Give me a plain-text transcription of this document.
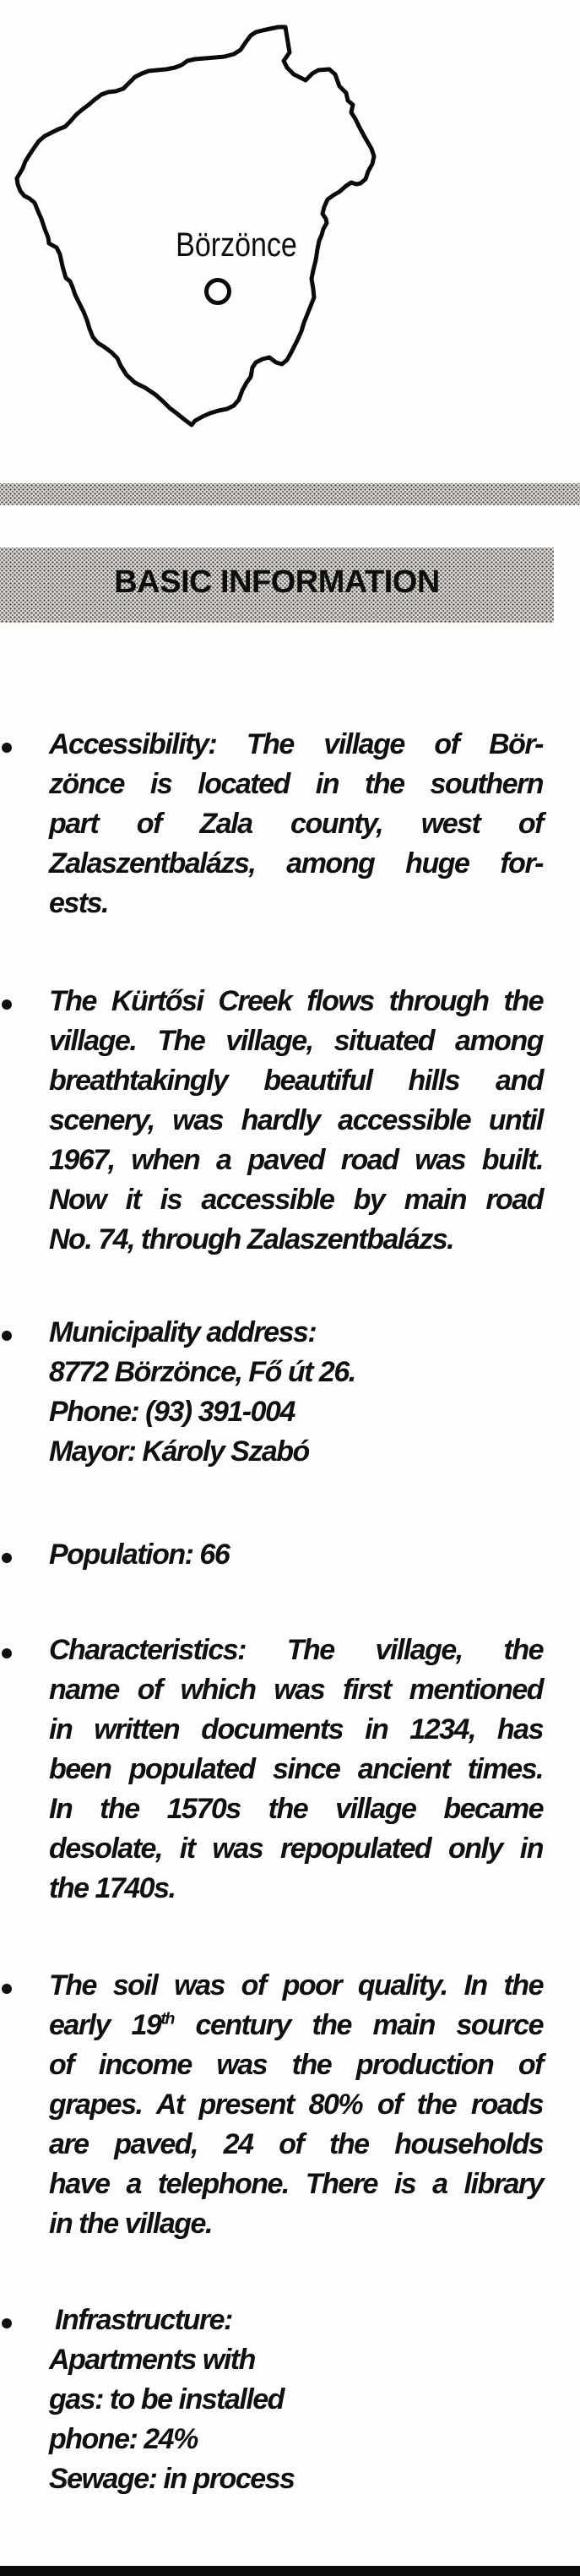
Börzönce
BASIC INFORMATION
Accessibility: The village of Bör-
zönce is located in the southern
part of Zala county, west of
Zalaszentbalázs, among huge for-
ests.
The Kürtősi Creek flows through the
village. The village, situated among
breathtakingly beautiful hills and
scenery, was hardly accessible until
1967, when a paved road was built.
Now it is accessible by main road
No. 74, through Zalaszentbalázs.
Municipality address:
8772 Börzönce, Fő út 26.
Phone: (93) 391-004
Mayor: Károly Szabó
Population: 66
Characteristics: The village, the
name of which was first mentioned
in written documents in 1234, has
been populated since ancient times.
In the 1570s the village became
desolate, it was repopulated only in
the 1740s.
The soil was of poor quality. In the
early 19th century the main source
of income was the production of
grapes. At present 80% of the roads
are paved, 24 of the households
have a telephone. There is a library
in the village.
Infrastructure:
Apartments with
gas: to be installed
phone: 24%
Sewage: in process
